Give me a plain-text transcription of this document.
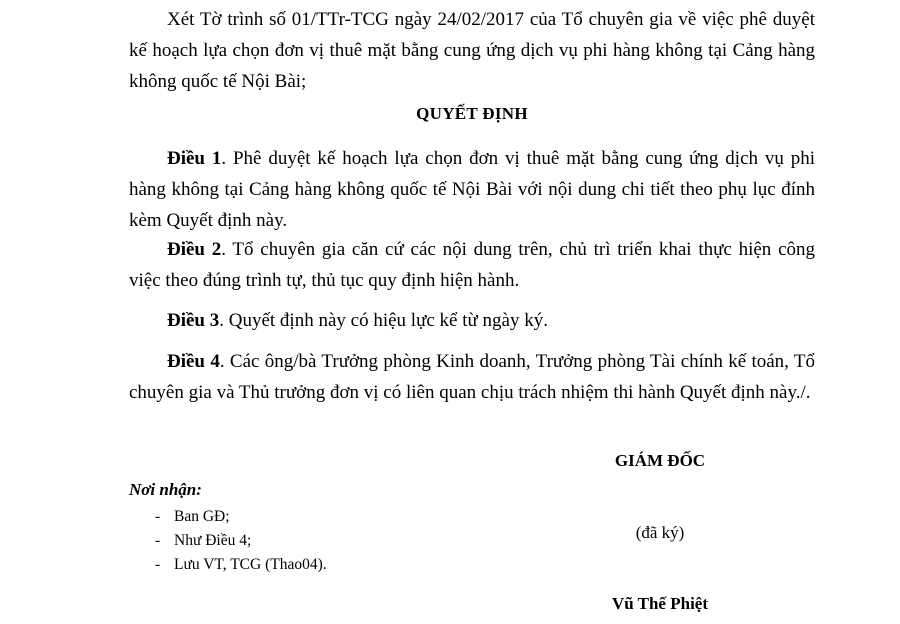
Xét Tờ trình số 01/TTr-TCG ngày 24/02/2017 của Tổ chuyên gia về việc phê duyệt kế hoạch lựa chọn đơn vị thuê mặt bằng cung ứng dịch vụ phi hàng không tại Cảng hàng không quốc tế Nội Bài;

QUYẾT ĐỊNH

Điều 1. Phê duyệt kế hoạch lựa chọn đơn vị thuê mặt bằng cung ứng dịch vụ phi hàng không tại Cảng hàng không quốc tế Nội Bài với nội dung chi tiết theo phụ lục đính kèm Quyết định này.

Điều 2. Tổ chuyên gia căn cứ các nội dung trên, chủ trì triển khai thực hiện công việc theo đúng trình tự, thủ tục quy định hiện hành.

Điều 3. Quyết định này có hiệu lực kể từ ngày ký.

Điều 4. Các ông/bà Trưởng phòng Kinh doanh, Trưởng phòng Tài chính kế toán, Tổ chuyên gia và Thủ trưởng đơn vị có liên quan chịu trách nhiệm thi hành Quyết định này./.

GIÁM ĐỐC

Nơi nhận:

- Ban GĐ;
- Như Điều 4;
- Lưu VT, TCG (Thao04).

(đã ký)

Vũ Thế Phiệt
